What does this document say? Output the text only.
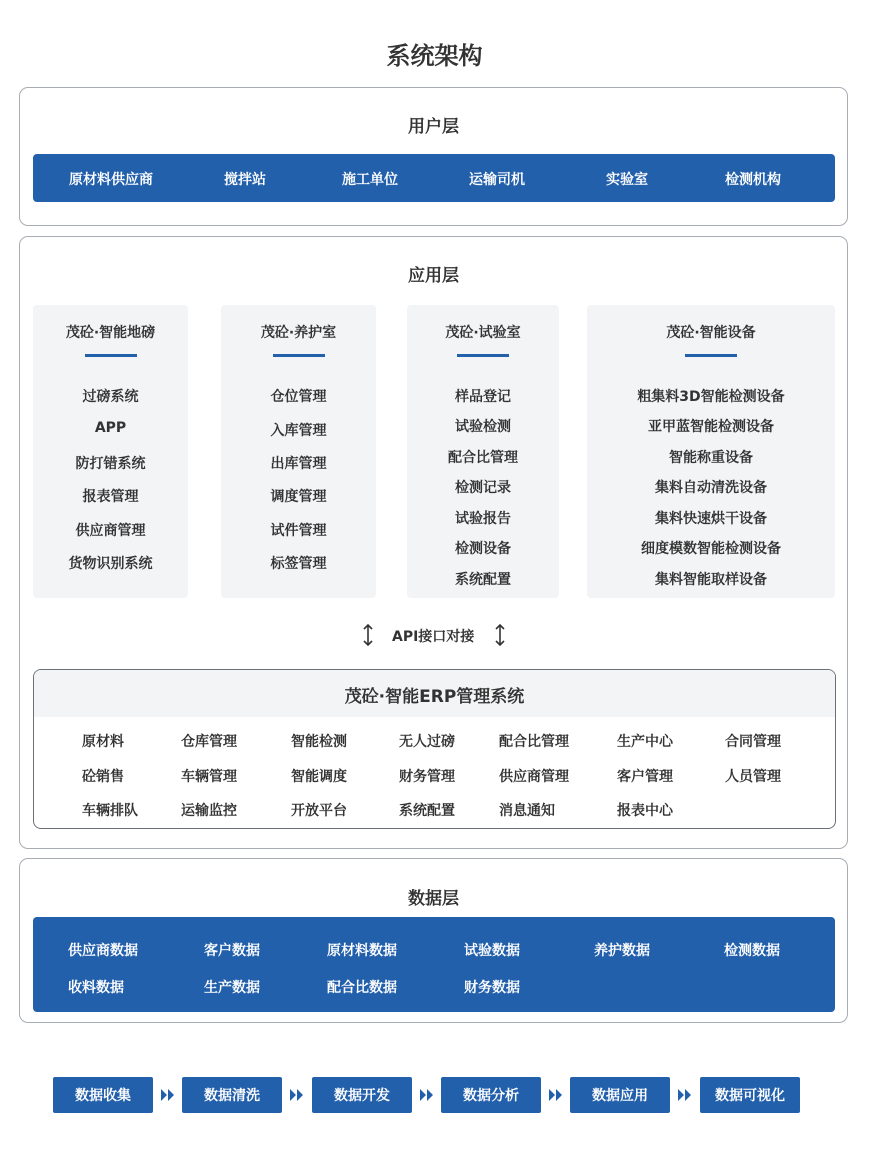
系统架构
用户层
原材料供应商	搅拌站	施工单位	运输司机	实验室	检测机构
应用层
茂砼·智能地磅
过磅系统
APP
防打错系统
报表管理
供应商管理
货物识别系统
茂砼·养护室
仓位管理
入库管理
出库管理
调度管理
试件管理
标签管理
茂砼·试验室
样品登记
试验检测
配合比管理
检测记录
试验报告
检测设备
系统配置
茂砼·智能设备
粗集料3D智能检测设备
亚甲蓝智能检测设备
智能称重设备
集料自动清洗设备
集料快速烘干设备
细度模数智能检测设备
集料智能取样设备
API接口对接
茂砼·智能ERP管理系统
原材料	仓库管理	智能检测	无人过磅	配合比管理	生产中心	合同管理
砼销售	车辆管理	智能调度	财务管理	供应商管理	客户管理	人员管理
车辆排队	运输监控	开放平台	系统配置	消息通知	报表中心
数据层
供应商数据	客户数据	原材料数据	试验数据	养护数据	检测数据
收料数据	生产数据	配合比数据	财务数据
数据收集	数据清洗	数据开发	数据分析	数据应用	数据可视化
